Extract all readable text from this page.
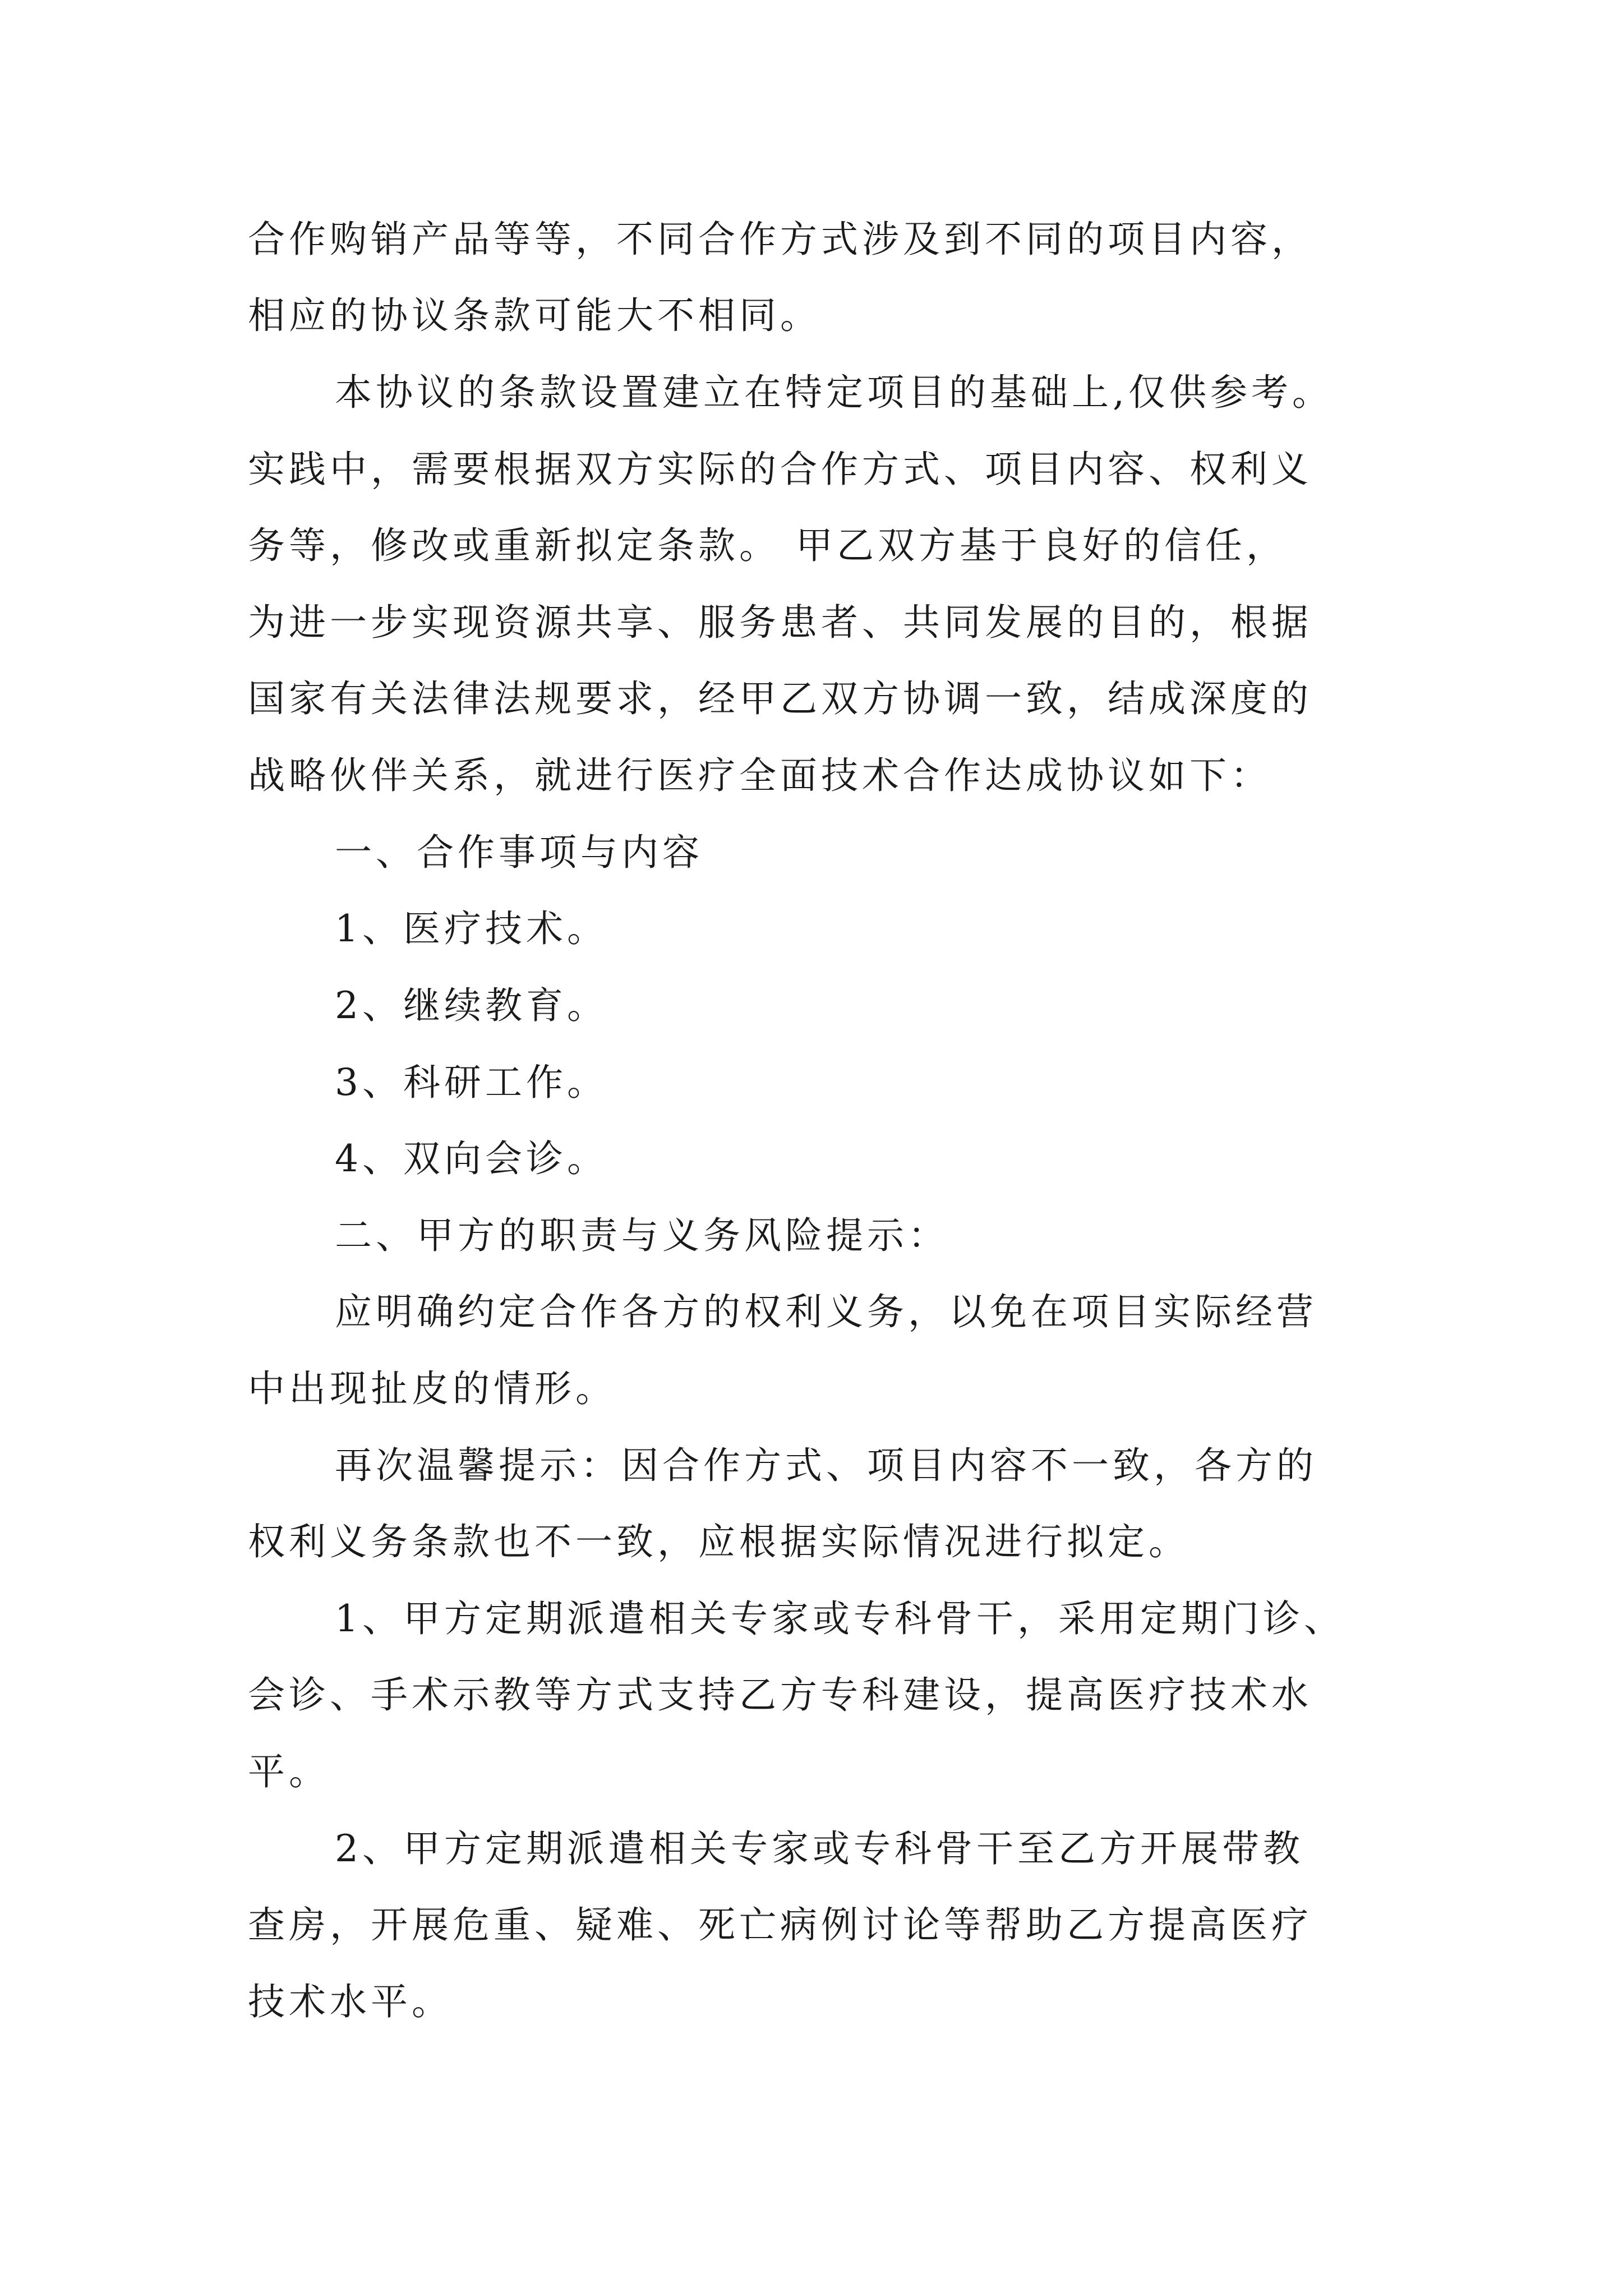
合作购销产品等等，不同合作方式涉及到不同的项目内容，

相应的协议条款可能大不相同。

本协议的条款设置建立在特定项目的基础上,仅供参考。

实践中，需要根据双方实际的合作方式、项目内容、权利义

务等，修改或重新拟定条款。 甲乙双方基于良好的信任，

为进一步实现资源共享、服务患者、共同发展的目的，根据

国家有关法律法规要求，经甲乙双方协调一致，结成深度的

战略伙伴关系，就进行医疗全面技术合作达成协议如下：

一、合作事项与内容

1、医疗技术。

2、继续教育。

3、科研工作。

4、双向会诊。

二、甲方的职责与义务风险提示：

应明确约定合作各方的权利义务，以免在项目实际经营

中出现扯皮的情形。

再次温馨提示：因合作方式、项目内容不一致，各方的

权利义务条款也不一致，应根据实际情况进行拟定。

1、甲方定期派遣相关专家或专科骨干，采用定期门诊、

会诊、手术示教等方式支持乙方专科建设，提高医疗技术水

平。

2、甲方定期派遣相关专家或专科骨干至乙方开展带教

查房，开展危重、疑难、死亡病例讨论等帮助乙方提高医疗

技术水平。
